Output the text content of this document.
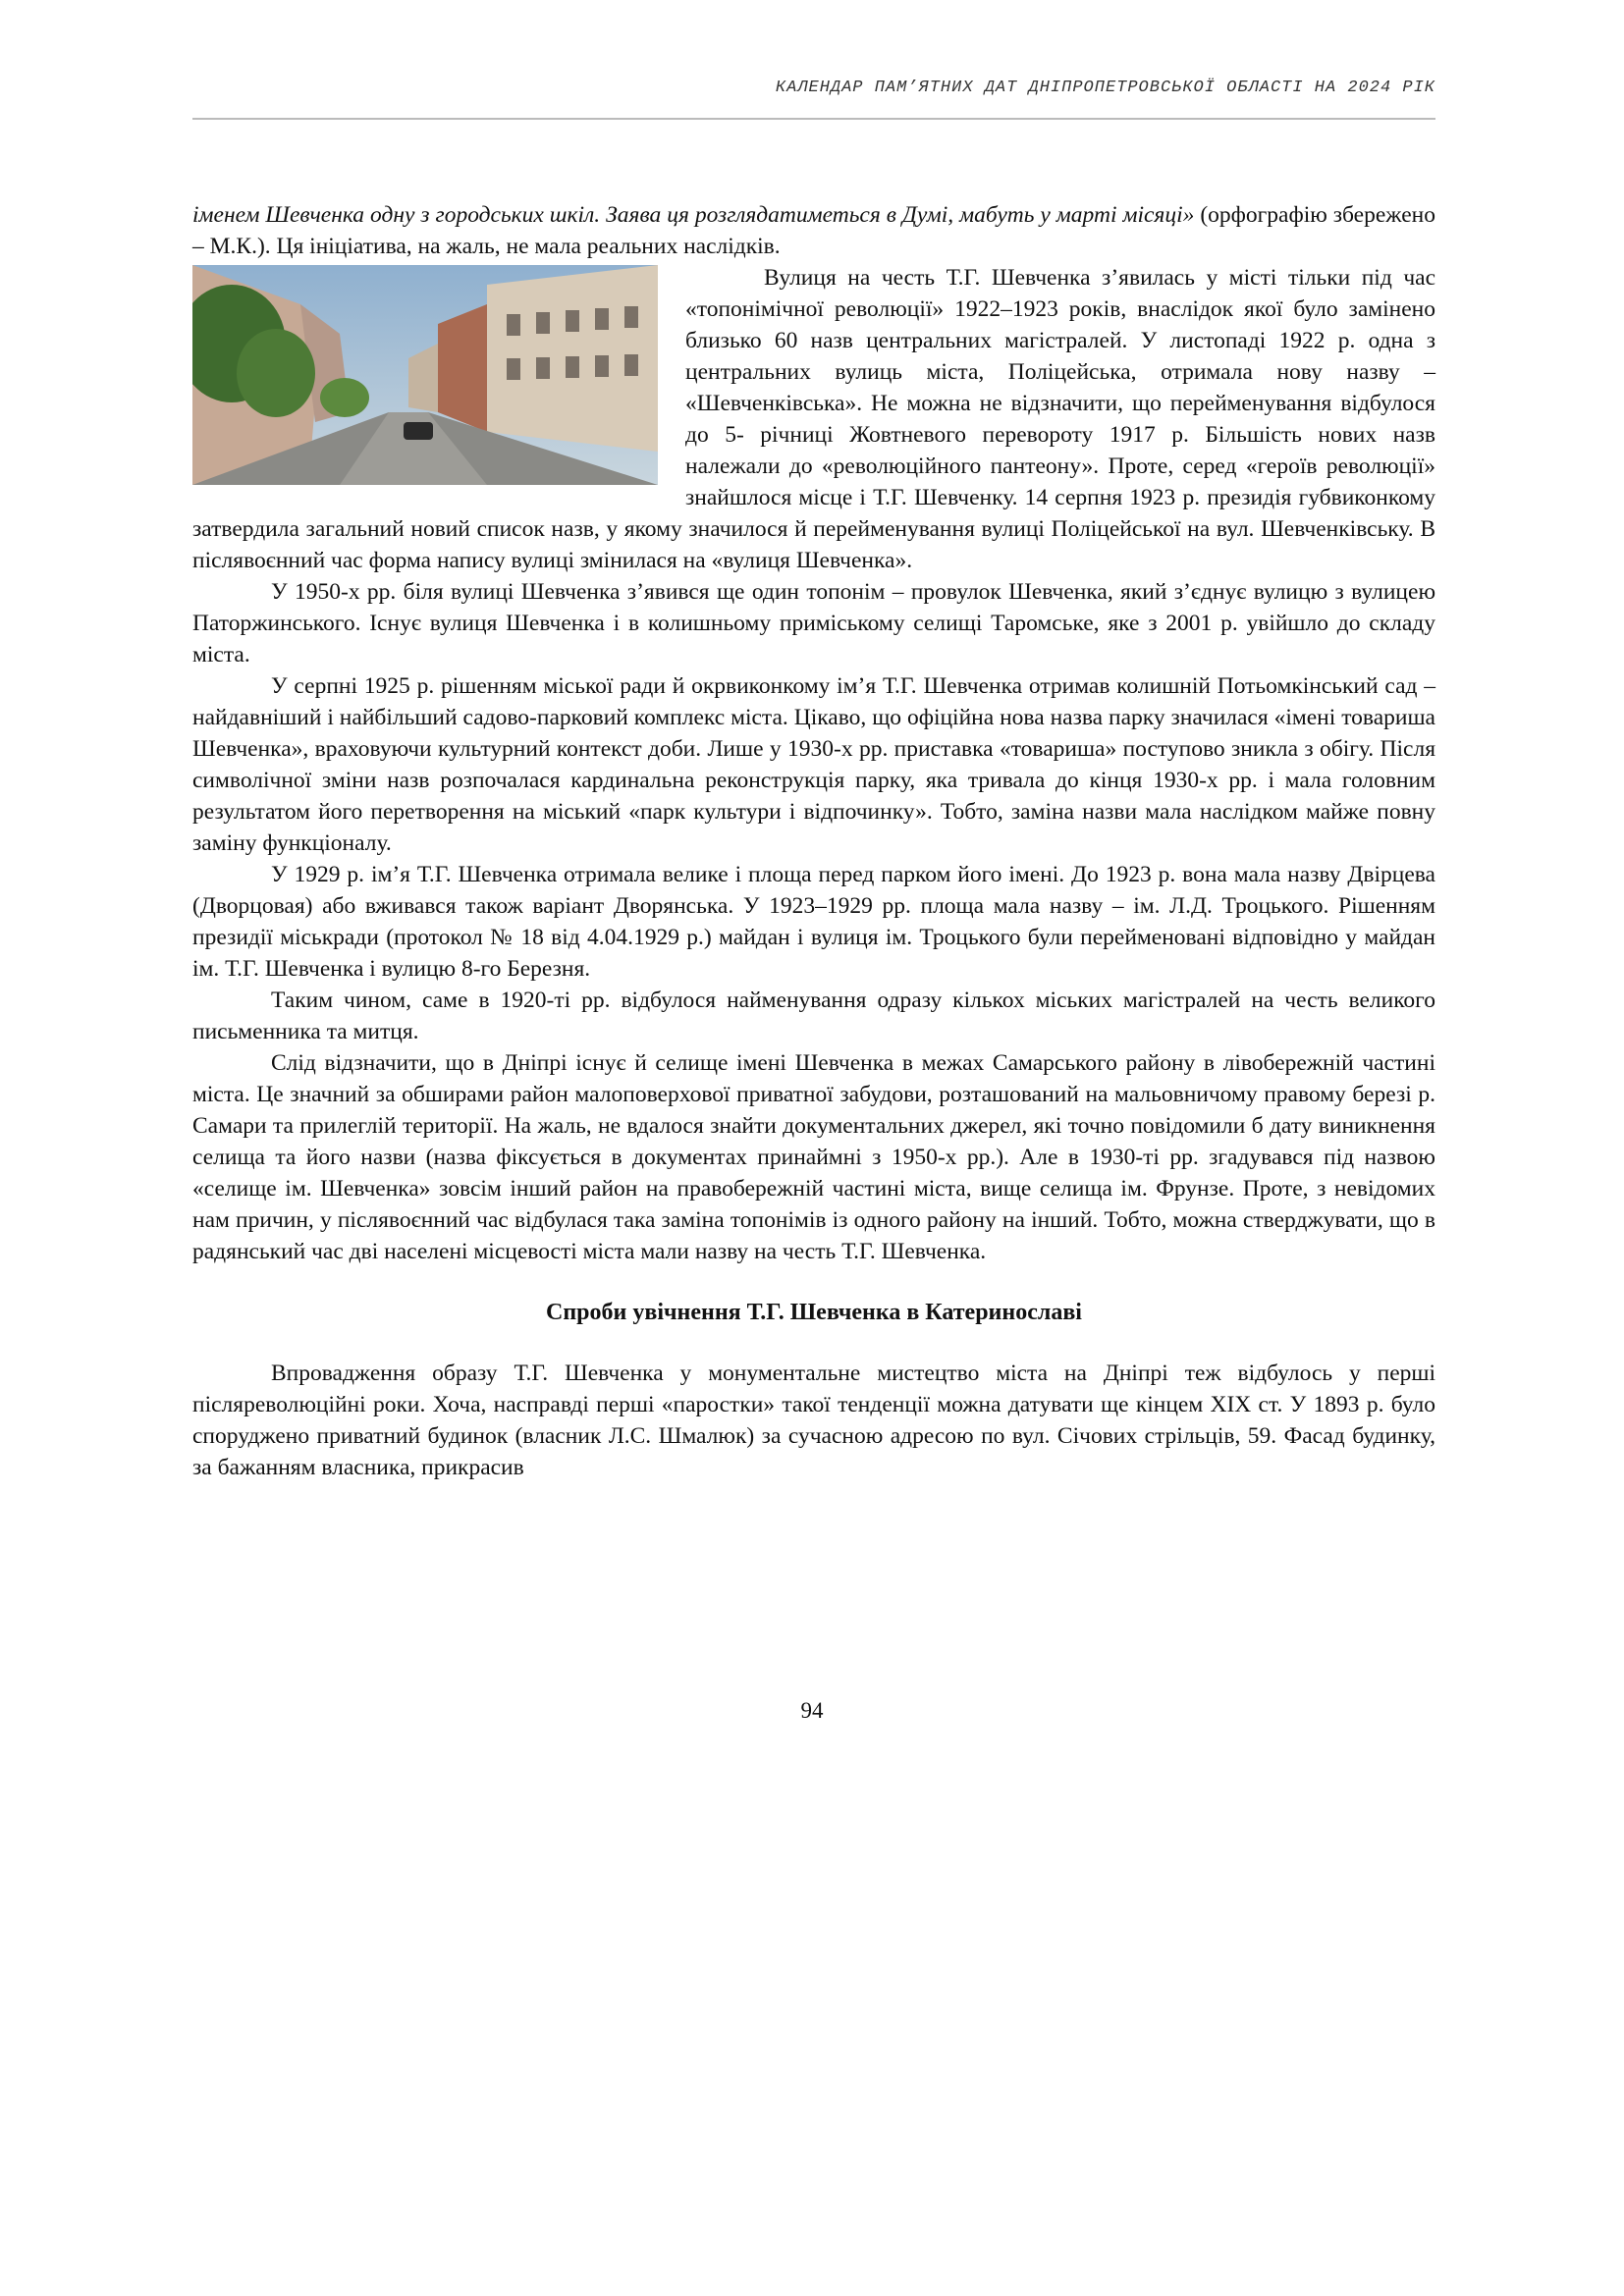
КАЛЕНДАР ПАМ’ЯТНИХ ДАТ ДНІПРОПЕТРОВСЬКОЇ ОБЛАСТІ НА 2024 РІК

іменем Шевченка одну з городських шкіл. Заява ця розглядатиметься в Думі, мабуть у марті місяці» (орфографію збережено – М.К.). Ця ініціатива, на жаль, не мала реальних наслідків.

Вулиця на честь Т.Г. Шевченка з’явилась у місті тільки під час «топонімічної революції» 1922–1923 років, внаслідок якої було замінено близько 60 назв центральних магістралей. У листопаді 1922 р. одна з центральних вулиць міста, Поліцейська, отримала нову назву – «Шевченківська». Не можна не відзначити, що перейменування відбулося до 5- річниці Жовтневого перевороту 1917 р. Більшість нових назв належали до «революційного пантеону». Проте, серед «героїв революції» знайшлося місце і Т.Г. Шевченку. 14 серпня 1923 р. президія губвиконкому затвердила загальний новий список назв, у якому значилося й перейменування вулиці Поліцейської на вул. Шевченківську. В післявоєнний час форма напису вулиці змінилася на «вулиця Шевченка».

У 1950-х рр. біля вулиці Шевченка з’явився ще один топонім – провулок Шевченка, який з’єднує вулицю з вулицею Паторжинського. Існує вулиця Шевченка і в колишньому приміському селищі Таромське, яке з 2001 р. увійшло до складу міста.

У серпні 1925 р. рішенням міської ради й окрвиконкому ім’я Т.Г. Шевченка отримав колишній Потьомкінський сад – найдавніший і найбільший садово-парковий комплекс міста. Цікаво, що офіційна нова назва парку значилася «імені товариша Шевченка», враховуючи культурний контекст доби. Лише у 1930-х рр. приставка «товариша» поступово зникла з обігу. Після символічної зміни назв розпочалася кардинальна реконструкція парку, яка тривала до кінця 1930-х рр. і мала головним результатом його перетворення на міський «парк культури і відпочинку». Тобто, заміна назви мала наслідком майже повну заміну функціоналу.

У 1929 р. ім’я Т.Г. Шевченка отримала велике і площа перед парком його імені. До 1923 р. вона мала назву Двірцева (Дворцовая) або вживався також варіант Дворянська. У 1923–1929 рр. площа мала назву – ім. Л.Д. Троцького. Рішенням президії міськради (протокол № 18 від 4.04.1929 р.) майдан і вулиця ім. Троцького були перейменовані відповідно у майдан ім. Т.Г. Шевченка і вулицю 8-го Березня.

Таким чином, саме в 1920-ті рр. відбулося найменування одразу кількох міських магістралей на честь великого письменника та митця.

Слід відзначити, що в Дніпрі існує й селище імені Шевченка в межах Самарського району в лівобережній частині міста. Це значний за обширами район малоповерхової приватної забудови, розташований на мальовничому правому березі р. Самари та прилеглій території. На жаль, не вдалося знайти документальних джерел, які точно повідомили б дату виникнення селища та його назви (назва фіксується в документах принаймні з 1950-х рр.). Але в 1930-ті рр. згадувався під назвою «селище ім. Шевченка» зовсім інший район на правобережній частині міста, вище селища ім. Фрунзе. Проте, з невідомих нам причин, у післявоєнний час відбулася така заміна топонімів із одного району на інший. Тобто, можна стверджувати, що в радянський час дві населені місцевості міста мали назву на честь Т.Г. Шевченка.

Спроби увічнення Т.Г. Шевченка в Катеринославі

Впровадження образу Т.Г. Шевченка у монументальне мистецтво міста на Дніпрі теж відбулось у перші післяреволюційні роки. Хоча, насправді перші «паростки» такої тенденції можна датувати ще кінцем XIX ст. У 1893 р. було споруджено приватний будинок (власник Л.С. Шмалюк) за сучасною адресою по вул. Січових стрільців, 59. Фасад будинку, за бажанням власника, прикрасив

94
